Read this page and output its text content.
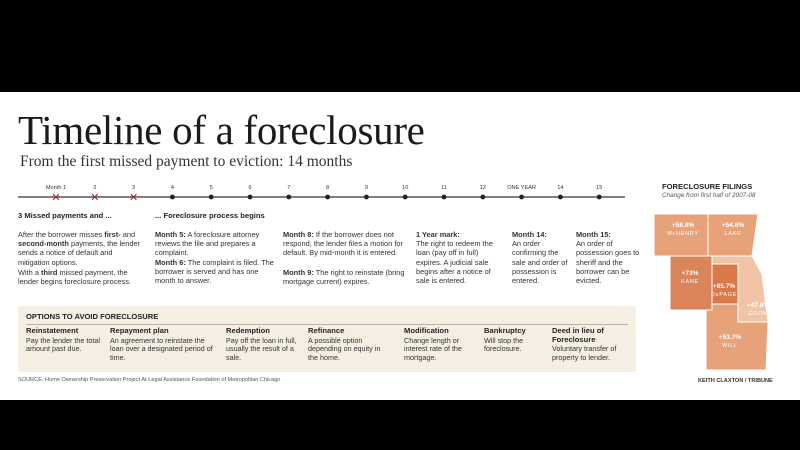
Timeline of a foreclosure
From the first missed payment to eviction: 14 months
Month 1
✕
2
✕
3
✕
4	5	6	7	8	9	10	11	12	ONE YEAR	14	15
3 Missed payments and ...	... Foreclosure process begins
After the borrower misses first- and second-month payments, the lender sends a notice of default and mitigation options.
With a third missed payment, the lender begins foreclosure process.
Month 5: A foreclosure attorney reviews the file and prepares a complaint.
Month 6: The complaint is filed. The borrower is served and has one month to answer.
Month 8: If the borrower does not respond, the lender files a motion for default. By mid-month it is entered.
Month 9: The right to reinstate (bring mortgage current) expires.
1 Year mark:
The right to redeem the loan (pay off in full) expires. A judicial sale begins after a notice of sale is entered.
Month 14:
An order confirming the sale and order of possession is entered.
Month 15:
An order of possession goes to sheriff and the borrower can be evicted.
OPTIONS TO AVOID FORECLOSURE
Reinstatement
Pay the lender the total amount past due.
Repayment plan
An agreement to reinstate the loan over a designated period of time.
Redemption
Pay off the loan in full, usually the result of a sale.
Refinance
A possible option depending on equity in the home.
Modification
Change length or interest rate of the mortgage.
Bankruptcy
Will stop the foreclosure.
Deed in lieu of Foreclosure
Voluntary transfer of property to lender.
SOURCE: Home Ownership Preservation Project At Legal Assistance Foundation of Metropolitan Chicago	KEITH CLAXTON / TRIBUNE
FORECLOSURE FILINGS
Change from first half of 2007-08
+58.8%
McHENRY
+54.6%
LAKE
+73%
KANE
+85.7%
DuPAGE
+47.8%
COOK
+53.7%
WILL
